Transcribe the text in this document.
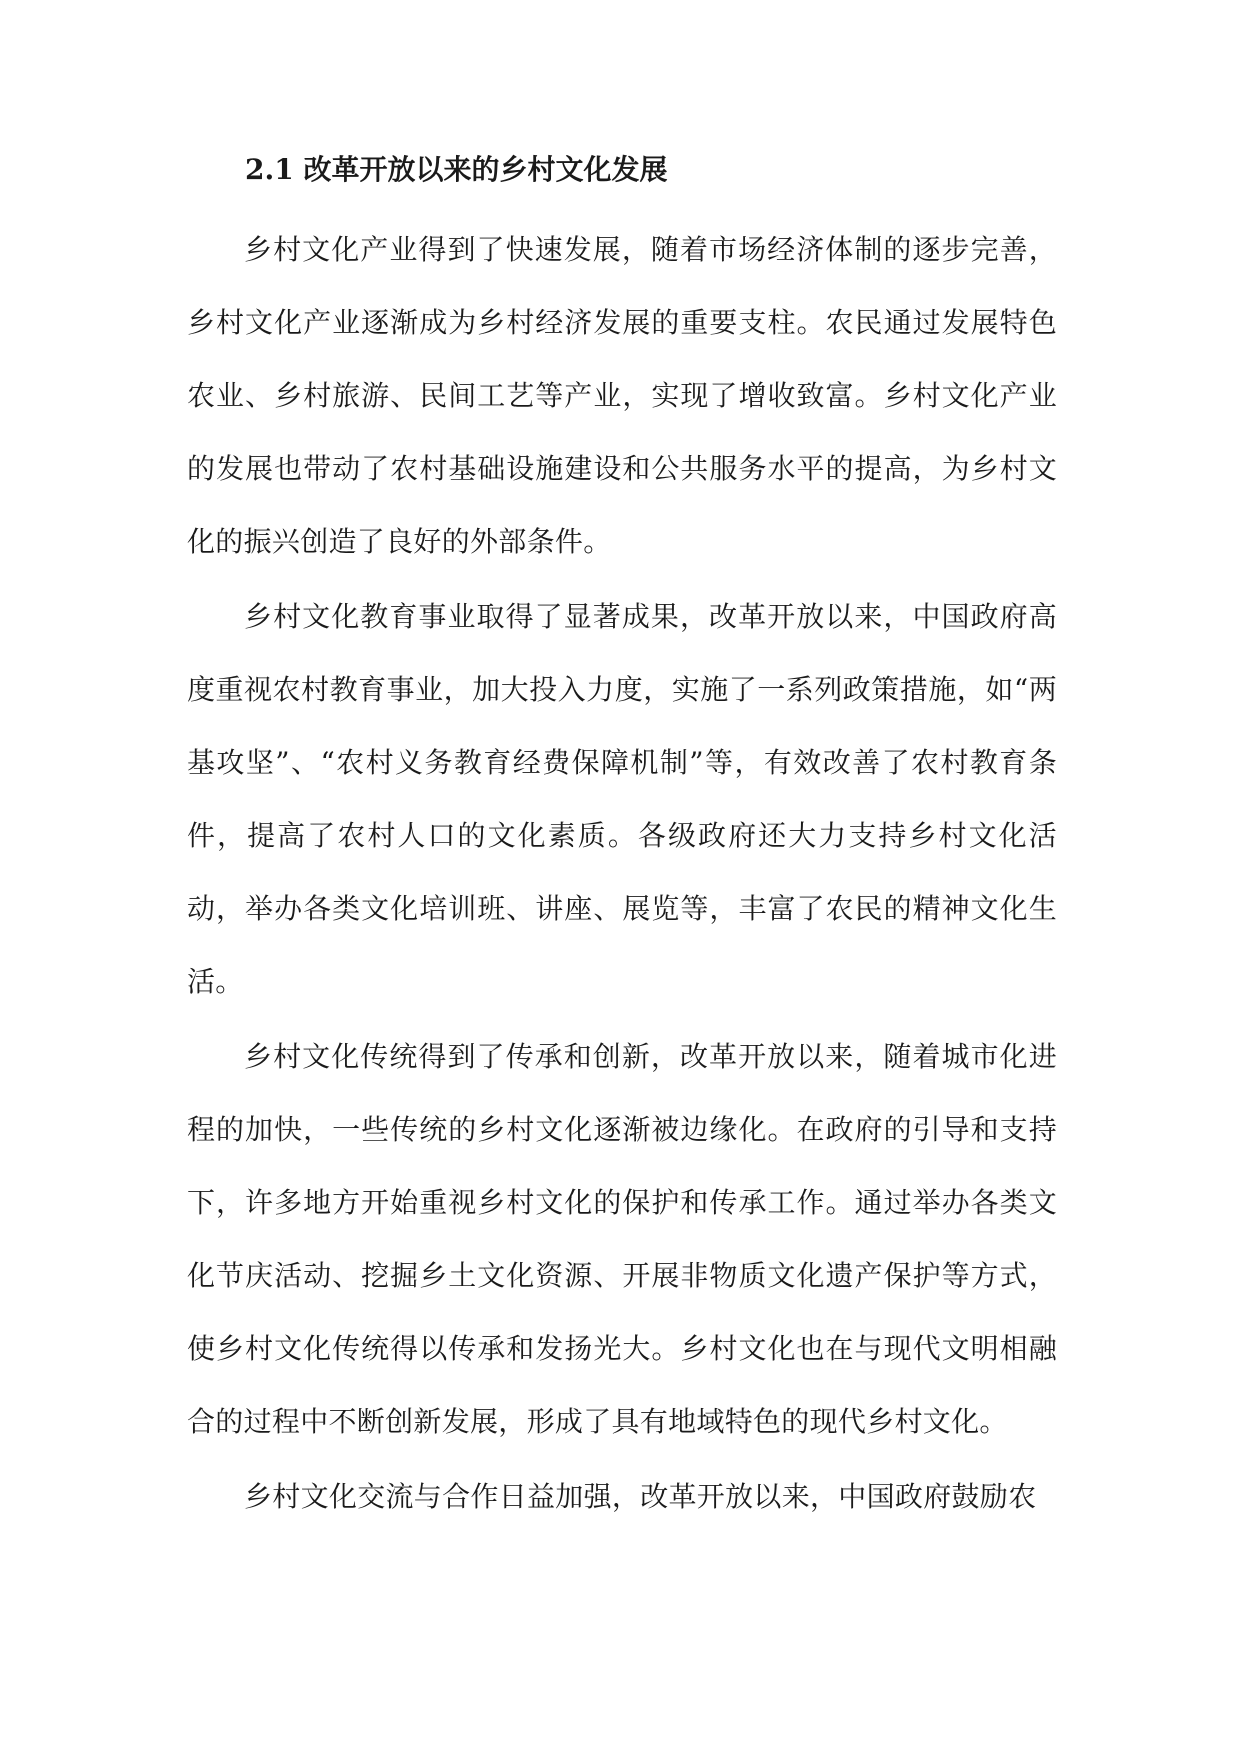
2.1 改革开放以来的乡村文化发展

乡村文化产业得到了快速发展，随着市场经济体制的逐步完善，乡村文化产业逐渐成为乡村经济发展的重要支柱。农民通过发展特色农业、乡村旅游、民间工艺等产业，实现了增收致富。乡村文化产业的发展也带动了农村基础设施建设和公共服务水平的提高，为乡村文化的振兴创造了良好的外部条件。

乡村文化教育事业取得了显著成果，改革开放以来，中国政府高度重视农村教育事业，加大投入力度，实施了一系列政策措施，如“两基攻坚”、“农村义务教育经费保障机制”等，有效改善了农村教育条件，提高了农村人口的文化素质。各级政府还大力支持乡村文化活动，举办各类文化培训班、讲座、展览等，丰富了农民的精神文化生活。

乡村文化传统得到了传承和创新，改革开放以来，随着城市化进程的加快，一些传统的乡村文化逐渐被边缘化。在政府的引导和支持下，许多地方开始重视乡村文化的保护和传承工作。通过举办各类文化节庆活动、挖掘乡土文化资源、开展非物质文化遗产保护等方式，使乡村文化传统得以传承和发扬光大。乡村文化也在与现代文明相融合的过程中不断创新发展，形成了具有地域特色的现代乡村文化。

乡村文化交流与合作日益加强，改革开放以来，中国政府鼓励农
